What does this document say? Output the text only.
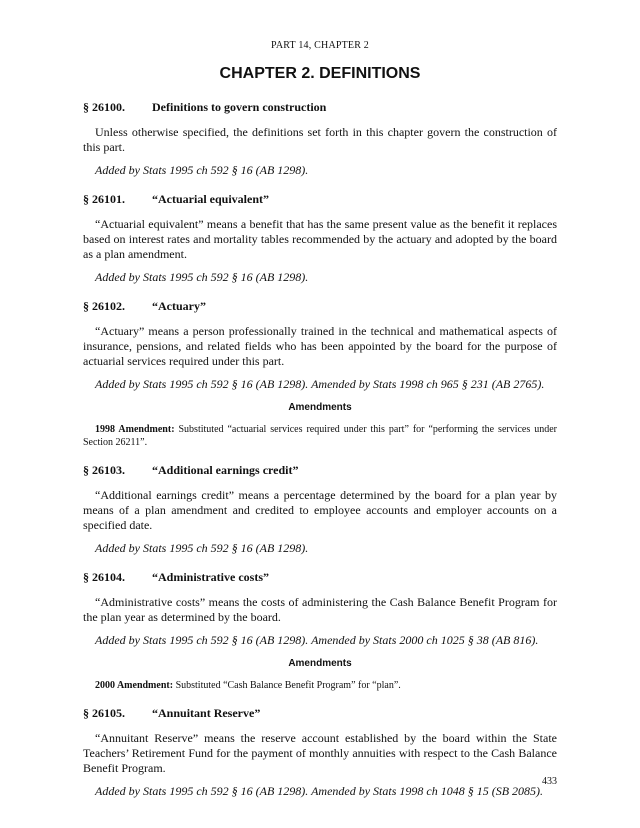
PART 14, CHAPTER 2
CHAPTER 2. DEFINITIONS
§ 26100. Definitions to govern construction

Unless otherwise specified, the definitions set forth in this chapter govern the construction of this part.

Added by Stats 1995 ch 592 § 16 (AB 1298).

§ 26101. “Actuarial equivalent”

“Actuarial equivalent” means a benefit that has the same present value as the benefit it replaces based on interest rates and mortality tables recommended by the actuary and adopted by the board as a plan amendment.

Added by Stats 1995 ch 592 § 16 (AB 1298).

§ 26102. “Actuary”

“Actuary” means a person professionally trained in the technical and mathematical aspects of insurance, pensions, and related fields who has been appointed by the board for the purpose of actuarial services required under this part.

Added by Stats 1995 ch 592 § 16 (AB 1298). Amended by Stats 1998 ch 965 § 231 (AB 2765).

Amendments

1998 Amendment: Substituted “actuarial services required under this part” for “performing the services under Section 26211”.

§ 26103. “Additional earnings credit”

“Additional earnings credit” means a percentage determined by the board for a plan year by means of a plan amendment and credited to employee accounts and employer accounts on a specified date.

Added by Stats 1995 ch 592 § 16 (AB 1298).

§ 26104. “Administrative costs”

“Administrative costs” means the costs of administering the Cash Balance Benefit Program for the plan year as determined by the board.

Added by Stats 1995 ch 592 § 16 (AB 1298). Amended by Stats 2000 ch 1025 § 38 (AB 816).

Amendments

2000 Amendment: Substituted “Cash Balance Benefit Program” for “plan”.

§ 26105. “Annuitant Reserve”

“Annuitant Reserve” means the reserve account established by the board within the State Teachers’ Retirement Fund for the payment of monthly annuities with respect to the Cash Balance Benefit Program.

Added by Stats 1995 ch 592 § 16 (AB 1298). Amended by Stats 1998 ch 1048 § 15 (SB 2085).

433
